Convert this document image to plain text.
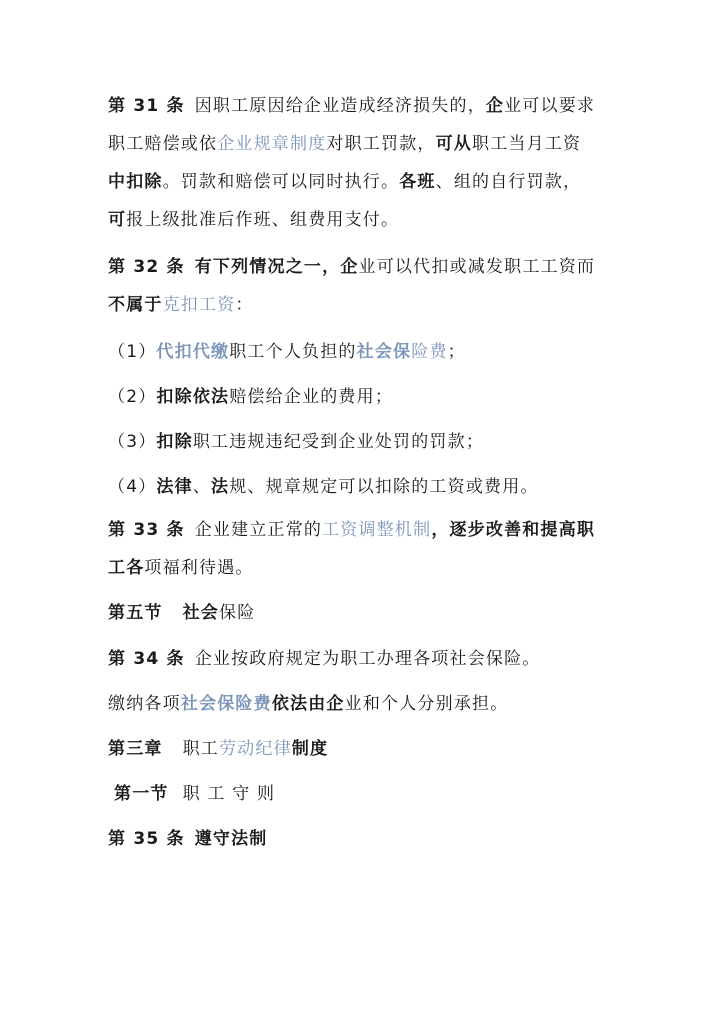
第 31 条 因职工原因给企业造成经济损失的，企业可以要求
职工赔偿或依企业规章制度对职工罚款，可从职工当月工资
中扣除。罚款和赔偿可以同时执行。各班、组的自行罚款，
可报上级批准后作班、组费用支付。
第 32 条 有下列情况之一，企业可以代扣或减发职工工资而
不属于克扣工资：
（1）代扣代缴职工个人负担的社会保险费；
（2）扣除依法赔偿给企业的费用；
（3）扣除职工违规违纪受到企业处罚的罚款；
（4）法律、法规、规章规定可以扣除的工资或费用。
第 33 条 企业建立正常的工资调整机制，逐步改善和提高职
工各项福利待遇。
第五节 社会保险
第 34 条 企业按政府规定为职工办理各项社会保险。
缴纳各项社会保险费依法由企业和个人分别承担。
第三章 职工劳动纪律制度
第一节 职 工 守 则
第 35 条 遵守法制
